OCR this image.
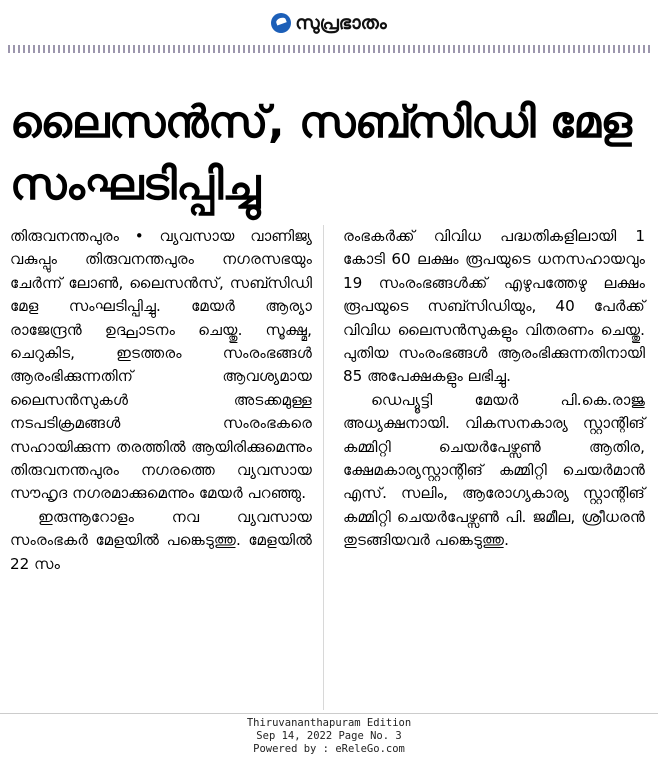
സുപ്രഭാതം
ലൈസൻസ്, സബ്സിഡി മേള സംഘടിപ്പിച്ചു

തിരുവനന്തപുരം • വ്യവസായ വാണിജ്യ വകുപ്പും തിരുവനന്തപുരം നഗരസഭയും ചേർന്ന് ലോൺ, ലൈസൻസ്, സബ്സിഡി മേള സംഘടിപ്പിച്ചു. മേയർ ആര്യാ രാജേന്ദ്രൻ ഉദ്ഘാടനം ചെയ്തു. സൂക്ഷ്മ, ചെറുകിട, ഇടത്തരം സംരംഭങ്ങൾ ആരംഭിക്കുന്നതിന് ആവശ്യമായ ലൈസൻസുകൾ അടക്കമുള്ള നടപടിക്രമങ്ങൾ സംരംഭകരെ സഹായിക്കുന്ന തരത്തിൽ ആയിരിക്കുമെന്നും തിരുവനന്തപുരം നഗരത്തെ വ്യവസായ സൗഹൃദ നഗരമാക്കുമെന്നും മേയർ പറഞ്ഞു.

ഇരുന്നൂറോളം നവ വ്യവസായ സംരംഭകർ മേളയിൽ പങ്കെടുത്തു. മേളയിൽ 22 സം

രംഭകർക്ക് വിവിധ പദ്ധതികളിലായി 1 കോടി 60 ലക്ഷം രൂപയുടെ ധനസഹായവും 19 സംരംഭങ്ങൾക്ക് എഴുപത്തേഴു ലക്ഷം രൂപയുടെ സബ്സിഡിയും, 40 പേർക്ക് വിവിധ ലൈസൻസുകളും വിതരണം ചെയ്തു. പുതിയ സംരംഭങ്ങൾ ആരംഭിക്കുന്നതിനായി 85 അപേക്ഷകളും ലഭിച്ചു.

ഡെപ്യൂട്ടി മേയർ പി.കെ.രാജു അധ്യക്ഷനായി. വികസനകാര്യ സ്റ്റാന്റിങ് കമ്മിറ്റി ചെയർപേഴ്സൺ ആതിര, ക്ഷേമകാര്യസ്റ്റാന്റിങ് കമ്മിറ്റി ചെയർമാൻ എസ്. സലിം, ആരോഗ്യകാര്യ സ്റ്റാന്റിങ് കമ്മിറ്റി ചെയർപേഴ്സൺ പി. ജമീല, ശ്രീധരൻ തുടങ്ങിയവർ പങ്കെടുത്തു.

Thiruvananthapuram Edition
Sep 14, 2022 Page No. 3
Powered by : eReleGo.com
